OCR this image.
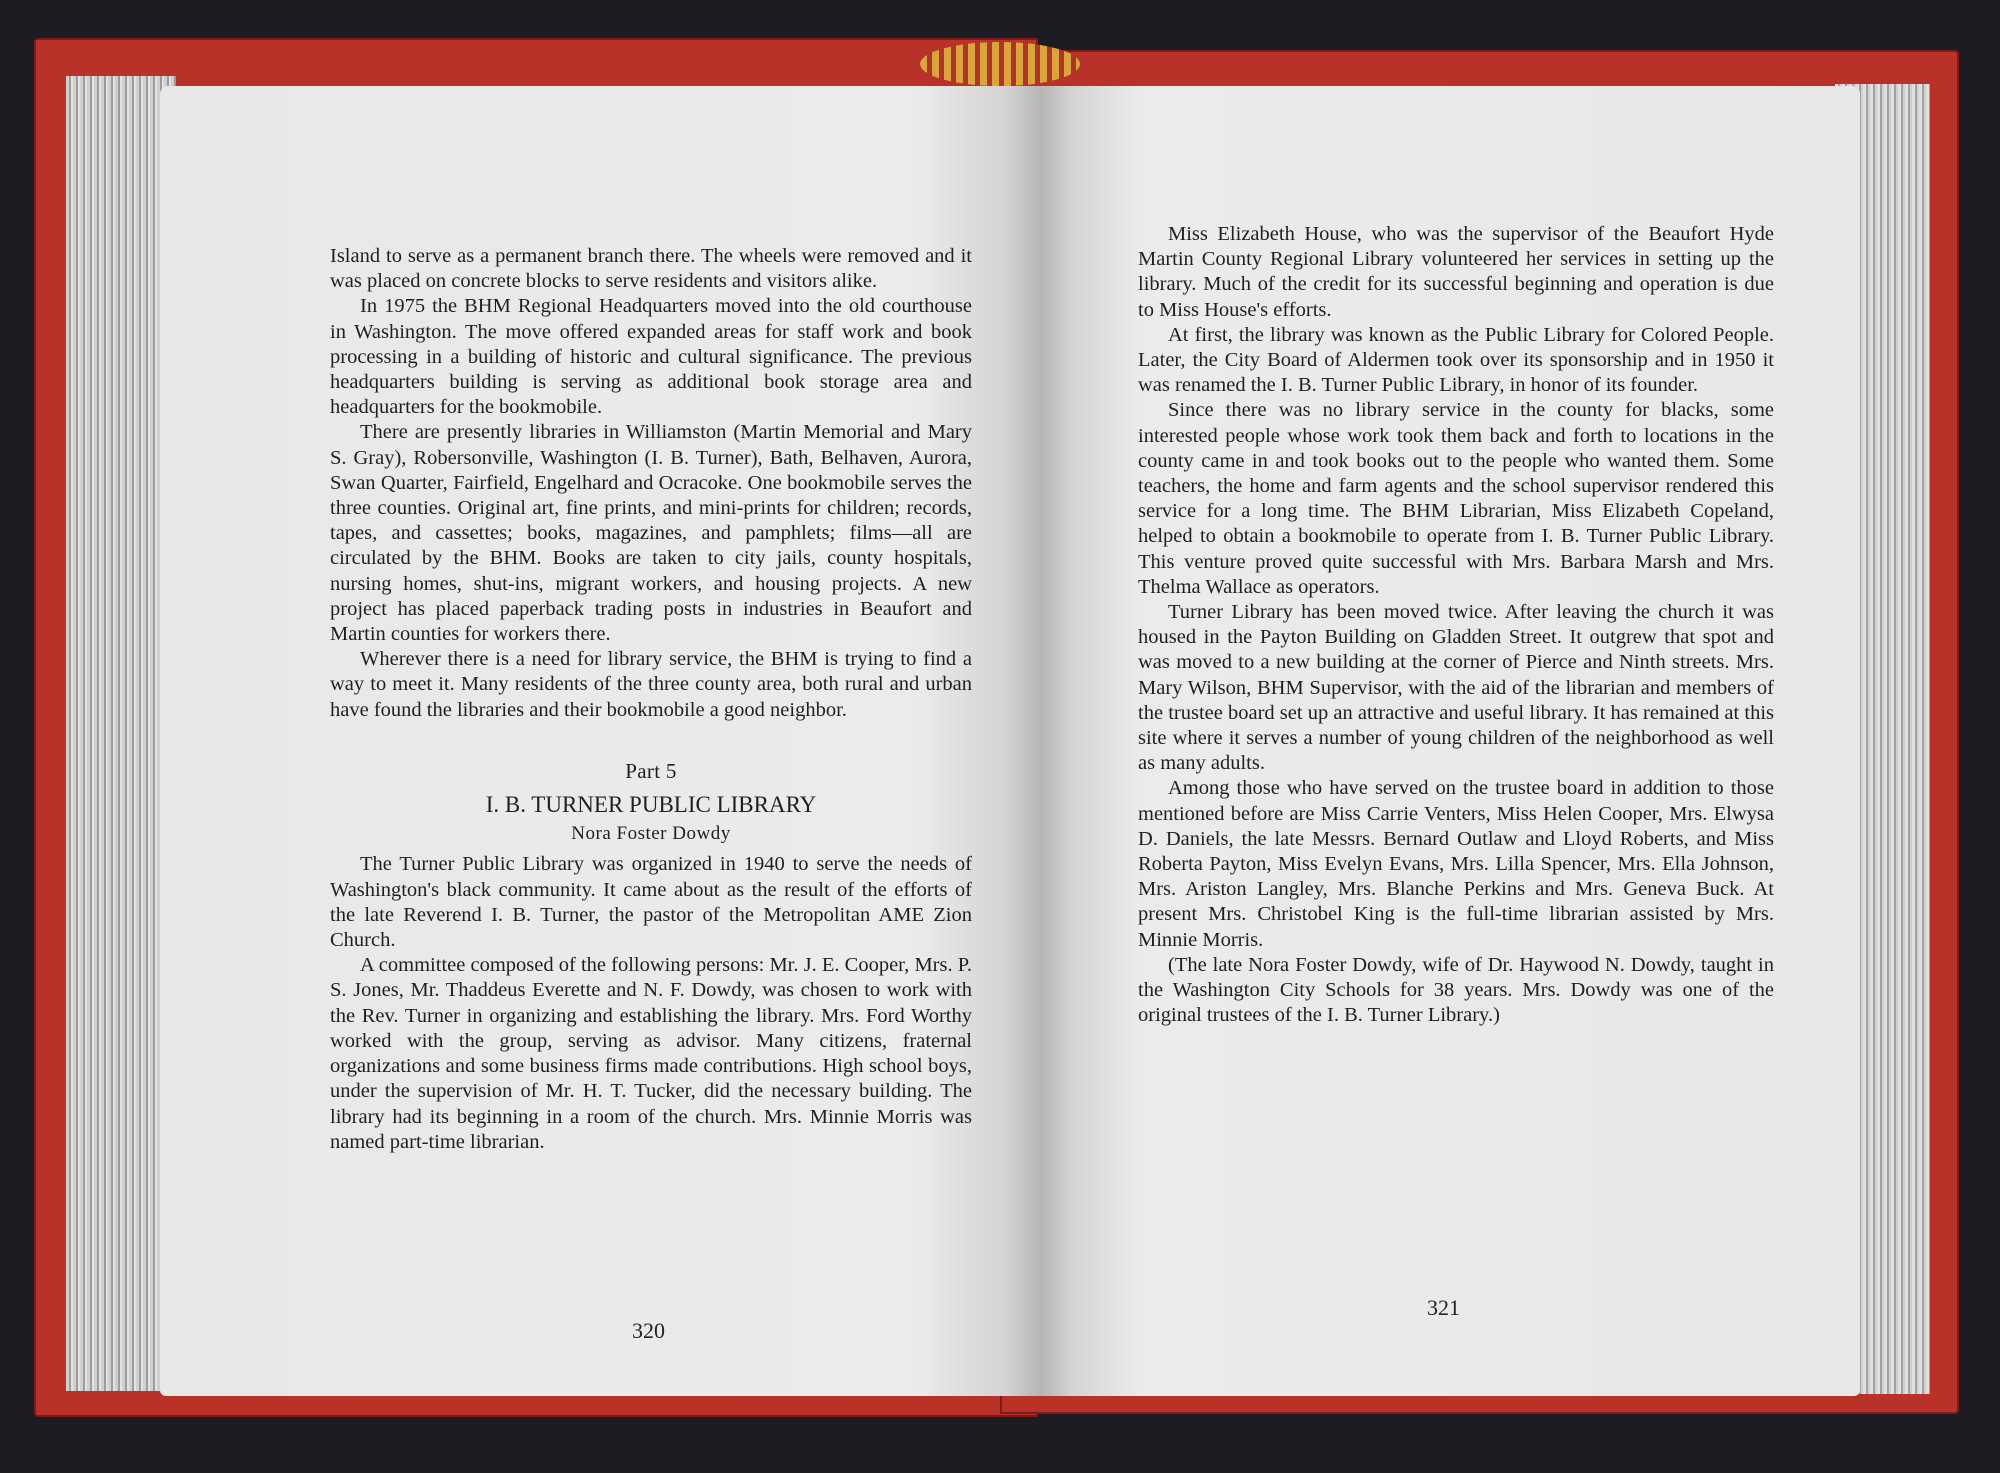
Island to serve as a permanent branch there. The wheels were removed and it was placed on concrete blocks to serve residents and visitors alike.

In 1975 the BHM Regional Headquarters moved into the old courthouse in Washington. The move offered expanded areas for staff work and book processing in a building of historic and cultural significance. The previous headquarters building is serving as additional book storage area and headquarters for the bookmobile.

There are presently libraries in Williamston (Martin Memorial and Mary S. Gray), Robersonville, Washington (I. B. Turner), Bath, Belhaven, Aurora, Swan Quarter, Fairfield, Engelhard and Ocracoke. One bookmobile serves the three counties. Original art, fine prints, and mini-prints for children; records, tapes, and cassettes; books, magazines, and pamphlets; films—all are circulated by the BHM. Books are taken to city jails, county hospitals, nursing homes, shut-ins, migrant workers, and housing projects. A new project has placed paperback trading posts in industries in Beaufort and Martin counties for workers there.

Wherever there is a need for library service, the BHM is trying to find a way to meet it. Many residents of the three county area, both rural and urban have found the libraries and their bookmobile a good neighbor.

Part 5
I. B. TURNER PUBLIC LIBRARY
Nora Foster Dowdy

The Turner Public Library was organized in 1940 to serve the needs of Washington's black community. It came about as the result of the efforts of the late Reverend I. B. Turner, the pastor of the Metropolitan AME Zion Church.

A committee composed of the following persons: Mr. J. E. Cooper, Mrs. P. S. Jones, Mr. Thaddeus Everette and N. F. Dowdy, was chosen to work with the Rev. Turner in organizing and establishing the library. Mrs. Ford Worthy worked with the group, serving as advisor. Many citizens, fraternal organizations and some business firms made contributions. High school boys, under the supervision of Mr. H. T. Tucker, did the necessary building. The library had its beginning in a room of the church. Mrs. Minnie Morris was named part-time librarian.

320

Miss Elizabeth House, who was the supervisor of the Beaufort Hyde Martin County Regional Library volunteered her services in setting up the library. Much of the credit for its successful beginning and operation is due to Miss House's efforts.

At first, the library was known as the Public Library for Colored People. Later, the City Board of Aldermen took over its sponsorship and in 1950 it was renamed the I. B. Turner Public Library, in honor of its founder.

Since there was no library service in the county for blacks, some interested people whose work took them back and forth to locations in the county came in and took books out to the people who wanted them. Some teachers, the home and farm agents and the school supervisor rendered this service for a long time. The BHM Librarian, Miss Elizabeth Copeland, helped to obtain a bookmobile to operate from I. B. Turner Public Library. This venture proved quite successful with Mrs. Barbara Marsh and Mrs. Thelma Wallace as operators.

Turner Library has been moved twice. After leaving the church it was housed in the Payton Building on Gladden Street. It outgrew that spot and was moved to a new building at the corner of Pierce and Ninth streets. Mrs. Mary Wilson, BHM Supervisor, with the aid of the librarian and members of the trustee board set up an attractive and useful library. It has remained at this site where it serves a number of young children of the neighborhood as well as many adults.

Among those who have served on the trustee board in addition to those mentioned before are Miss Carrie Venters, Miss Helen Cooper, Mrs. Elwysa D. Daniels, the late Messrs. Bernard Outlaw and Lloyd Roberts, and Miss Roberta Payton, Miss Evelyn Evans, Mrs. Lilla Spencer, Mrs. Ella Johnson, Mrs. Ariston Langley, Mrs. Blanche Perkins and Mrs. Geneva Buck. At present Mrs. Christobel King is the full-time librarian assisted by Mrs. Minnie Morris.

(The late Nora Foster Dowdy, wife of Dr. Haywood N. Dowdy, taught in the Washington City Schools for 38 years. Mrs. Dowdy was one of the original trustees of the I. B. Turner Library.)

321
